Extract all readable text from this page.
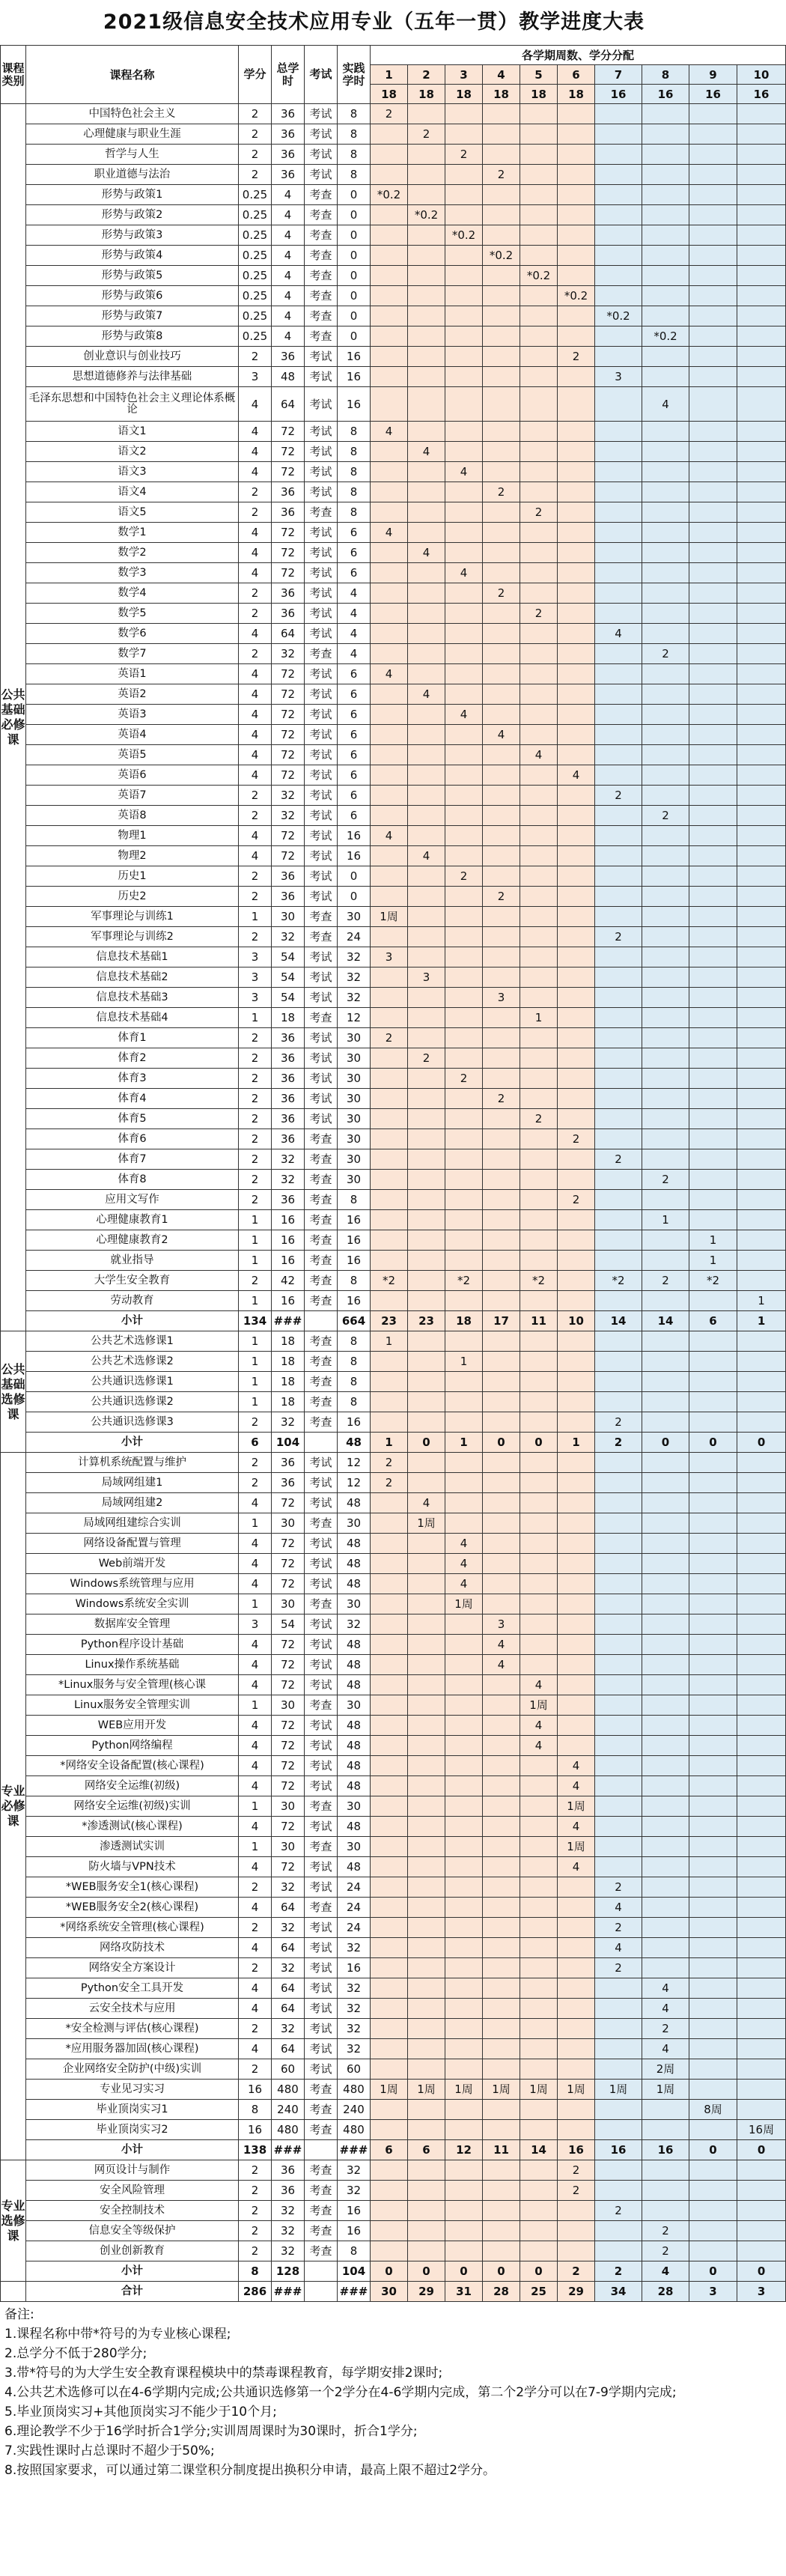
2021级信息安全技术应用专业（五年一贯）教学进度大表
课程类别	课程名称	学分	总学时	考试	实践学时	各学期周数、学分分配									
						1	2	3	4	5	6	7	8	9	10
						18	18	18	18	18	18	16	16	16	16
公共基础必修课	中国特色社会主义	2	36	考试	8	2									
	心理健康与职业生涯	2	36	考试	8		2								
	哲学与人生	2	36	考试	8			2							
	职业道德与法治	2	36	考试	8				2						
	形势与政策1	0.25	4	考查	0	*0.2									
	形势与政策2	0.25	4	考查	0		*0.2								
	形势与政策3	0.25	4	考查	0			*0.2							
	形势与政策4	0.25	4	考查	0				*0.2						
	形势与政策5	0.25	4	考查	0					*0.2					
	形势与政策6	0.25	4	考查	0						*0.2				
	形势与政策7	0.25	4	考查	0							*0.2			
	形势与政策8	0.25	4	考查	0								*0.2		
	创业意识与创业技巧	2	36	考试	16						2				
	思想道德修养与法律基础	3	48	考试	16							3			
	毛泽东思想和中国特色社会主义理论体系概论	4	64	考试	16								4		
	语文1	4	72	考试	8	4									
	语文2	4	72	考试	8		4								
	语文3	4	72	考试	8			4							
	语文4	2	36	考试	8				2						
	语文5	2	36	考查	8					2					
	数学1	4	72	考试	6	4									
	数学2	4	72	考试	6		4								
	数学3	4	72	考试	6			4							
	数学4	2	36	考试	4				2						
	数学5	2	36	考试	4					2					
	数学6	4	64	考试	4							4			
	数学7	2	32	考查	4								2		
	英语1	4	72	考试	6	4									
	英语2	4	72	考试	6		4								
	英语3	4	72	考试	6			4							
	英语4	4	72	考试	6				4						
	英语5	4	72	考试	6					4					
	英语6	4	72	考试	6						4				
	英语7	2	32	考试	6							2			
	英语8	2	32	考试	6								2		
	物理1	4	72	考试	16	4									
	物理2	4	72	考试	16		4								
	历史1	2	36	考试	0			2							
	历史2	2	36	考试	0				2						
	军事理论与训练1	1	30	考查	30	1周									
	军事理论与训练2	2	32	考查	24							2			
	信息技术基础1	3	54	考试	32	3									
	信息技术基础2	3	54	考试	32		3								
	信息技术基础3	3	54	考试	32				3						
	信息技术基础4	1	18	考查	12					1					
	体育1	2	36	考试	30	2									
	体育2	2	36	考试	30		2								
	体育3	2	36	考试	30			2							
	体育4	2	36	考试	30				2						
	体育5	2	36	考试	30					2					
	体育6	2	36	考查	30						2				
	体育7	2	32	考查	30							2			
	体育8	2	32	考查	30								2		
	应用文写作	2	36	考查	8						2				
	心理健康教育1	1	16	考查	16								1		
	心理健康教育2	1	16	考查	16									1	
	就业指导	1	16	考查	16									1	
	大学生安全教育	2	42	考查	8	*2		*2		*2		*2	2	*2	
	劳动教育	1	16	考查	16										1
	小计	134	###		664	23	23	18	17	11	10	14	14	6	1
公共基础选修课	公共艺术选修课1	1	18	考查	8	1									
	公共艺术选修课2	1	18	考查	8			1							
	公共通识选修课1	1	18	考查	8										
	公共通识选修课2	1	18	考查	8										
	公共通识选修课3	2	32	考查	16							2			
	小计	6	104		48	1	0	1	0	0	1	2	0	0	0
专业必修课	计算机系统配置与维护	2	36	考试	12	2									
	局域网组建1	2	36	考试	12	2									
	局域网组建2	4	72	考试	48		4								
	局域网组建综合实训	1	30	考查	30		1周								
	网络设备配置与管理	4	72	考试	48			4							
	Web前端开发	4	72	考试	48			4							
	Windows系统管理与应用	4	72	考试	48			4							
	Windows系统安全实训	1	30	考查	30			1周							
	数据库安全管理	3	54	考试	32				3						
	Python程序设计基础	4	72	考试	48				4						
	Linux操作系统基础	4	72	考试	48				4						
	*Linux服务与安全管理(核心课	4	72	考试	48					4					
	Linux服务安全管理实训	1	30	考查	30					1周					
	WEB应用开发	4	72	考试	48					4					
	Python网络编程	4	72	考试	48					4					
	*网络安全设备配置(核心课程)	4	72	考试	48						4				
	网络安全运维(初级)	4	72	考试	48						4				
	网络安全运维(初级)实训	1	30	考查	30						1周				
	*渗透测试(核心课程)	4	72	考试	48						4				
	渗透测试实训	1	30	考查	30						1周				
	防火墙与VPN技术	4	72	考试	48						4				
	*WEB服务安全1(核心课程)	2	32	考试	24							2			
	*WEB服务安全2(核心课程)	4	64	考查	24							4			
	*网络系统安全管理(核心课程)	2	32	考试	24							2			
	网络攻防技术	4	64	考试	32							4			
	网络安全方案设计	2	32	考试	16							2			
	Python安全工具开发	4	64	考试	32								4		
	云安全技术与应用	4	64	考试	32								4		
	*安全检测与评估(核心课程)	2	32	考试	32								2		
	*应用服务器加固(核心课程)	4	64	考试	32								4		
	企业网络安全防护(中级)实训	2	60	考试	60								2周		
	专业见习实习	16	480	考查	480	1周	1周	1周	1周	1周	1周	1周	1周		
	毕业顶岗实习1	8	240	考查	240									8周	
	毕业顶岗实习2	16	480	考查	480										16周
	小计	138	###		###	6	6	12	11	14	16	16	16	0	0
专业选修课	网页设计与制作	2	36	考查	32						2				
	安全风险管理	2	36	考查	32						2				
	安全控制技术	2	32	考查	16							2			
	信息安全等级保护	2	32	考查	16								2		
	创业创新教育	2	32	考查	8								2		
	小计	8	128		104	0	0	0	0	0	2	2	4	0	0
	合计	286	###		###	30	29	31	28	25	29	34	28	3	3
备注:
1.课程名称中带*符号的为专业核心课程;
2.总学分不低于280学分;
3.带*符号的为大学生安全教育课程模块中的禁毒课程教育，每学期安排2课时;
4.公共艺术选修可以在4-6学期内完成;公共通识选修第一个2学分在4-6学期内完成，第二个2学分可以在7-9学期内完成;
5.毕业顶岗实习+其他顶岗实习不能少于10个月;
6.理论教学不少于16学时折合1学分;实训周周课时为30课时，折合1学分;
7.实践性课时占总课时不超少于50%;
8.按照国家要求，可以通过第二课堂积分制度提出换积分申请，最高上限不超过2学分。
